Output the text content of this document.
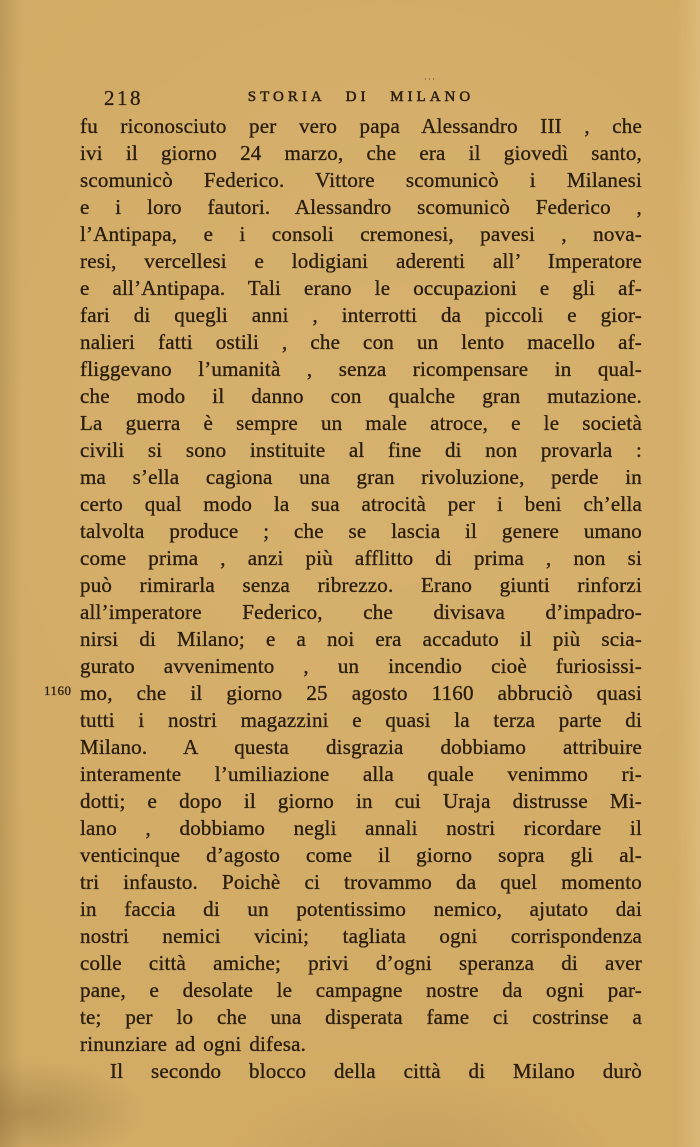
218	STORIA DI MILANO
···
1160
fu riconosciuto per vero papa Alessandro III , che
ivi il giorno 24 marzo, che era il giovedì santo,
scomunicò Federico. Vittore scomunicò i Milanesi
e i loro fautori. Alessandro scomunicò Federico ,
l’Antipapa, e i consoli cremonesi, pavesi , nova-
resi, vercellesi e lodigiani aderenti all’ Imperatore
e all’Antipapa. Tali erano le occupazioni e gli af-
fari di quegli anni , interrotti da piccoli e gior-
nalieri fatti ostili , che con un lento macello af-
fliggevano l’umanità , senza ricompensare in qual-
che modo il danno con qualche gran mutazione.
La guerra è sempre un male atroce, e le società
civili si sono instituite al fine di non provarla :
ma s’ella cagiona una gran rivoluzione, perde in
certo qual modo la sua atrocità per i beni ch’ella
talvolta produce ; che se lascia il genere umano
come prima , anzi più afflitto di prima , non si
può rimirarla senza ribrezzo. Erano giunti rinforzi
all’imperatore Federico, che divisava d’impadro-
nirsi di Milano; e a noi era accaduto il più scia-
gurato avvenimento , un incendio cioè furiosissi-
mo, che il giorno 25 agosto 1160 abbruciò quasi
tutti i nostri magazzini e quasi la terza parte di
Milano. A questa disgrazia dobbiamo attribuire
interamente l’umiliazione alla quale venimmo ri-
dotti; e dopo il giorno in cui Uraja distrusse Mi-
lano , dobbiamo negli annali nostri ricordare il
venticinque d’agosto come il giorno sopra gli al-
tri infausto. Poichè ci trovammo da quel momento
in faccia di un potentissimo nemico, ajutato dai
nostri nemici vicini; tagliata ogni corrispondenza
colle città amiche; privi d’ogni speranza di aver
pane, e desolate le campagne nostre da ogni par-
te; per lo che una disperata fame ci costrinse a
rinunziare ad ogni difesa.
Il secondo blocco della città di Milano durò
